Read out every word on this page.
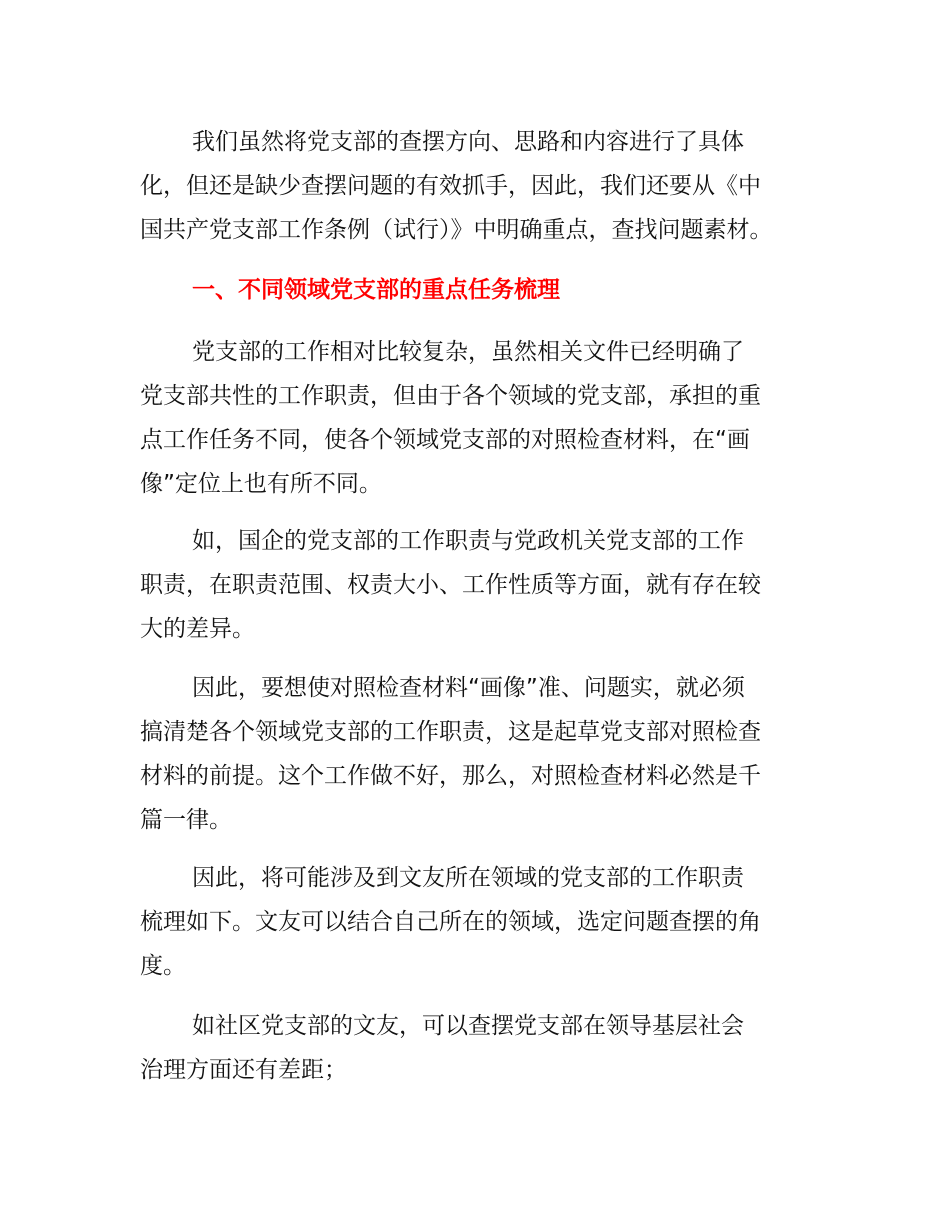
我们虽然将党支部的查摆方向、思路和内容进行了具体
化，但还是缺少查摆问题的有效抓手，因此，我们还要从《中
国共产党支部工作条例（试行）》中明确重点，查找问题素材。

一、不同领域党支部的重点任务梳理

党支部的工作相对比较复杂，虽然相关文件已经明确了
党支部共性的工作职责，但由于各个领域的党支部，承担的重
点工作任务不同，使各个领域党支部的对照检查材料，在“画
像”定位上也有所不同。

如，国企的党支部的工作职责与党政机关党支部的工作
职责，在职责范围、权责大小、工作性质等方面，就有存在较
大的差异。

因此，要想使对照检查材料“画像”准、问题实，就必须
搞清楚各个领域党支部的工作职责，这是起草党支部对照检查
材料的前提。这个工作做不好，那么，对照检查材料必然是千
篇一律。

因此，将可能涉及到文友所在领域的党支部的工作职责
梳理如下。文友可以结合自己所在的领域，选定问题查摆的角
度。

如社区党支部的文友，可以查摆党支部在领导基层社会
治理方面还有差距；
